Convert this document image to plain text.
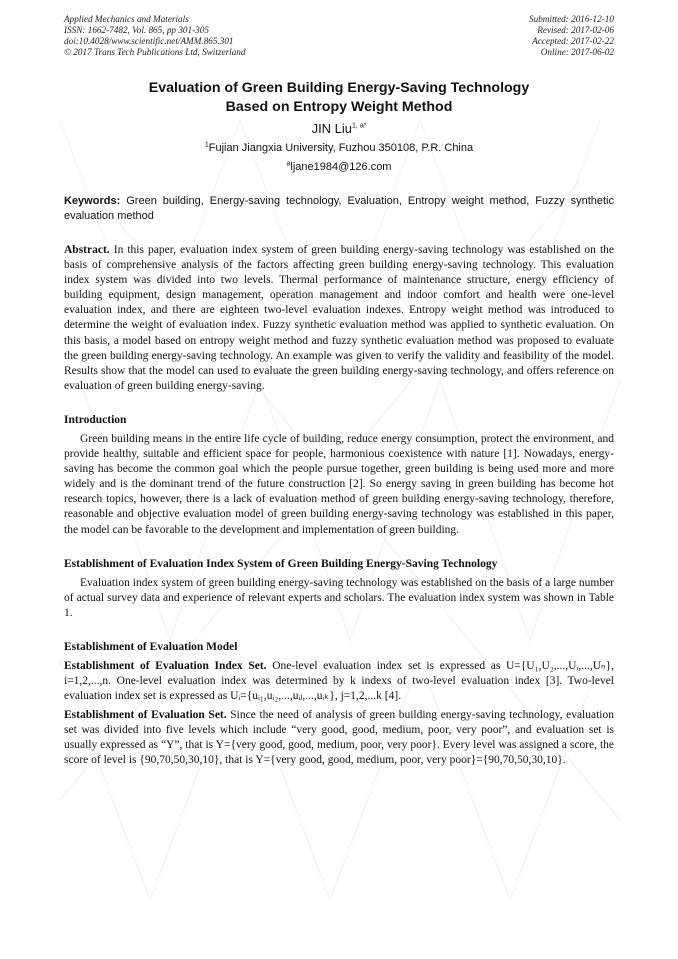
Applied Mechanics and Materials
ISSN: 1662-7482, Vol. 865, pp 301-305
doi:10.4028/www.scientific.net/AMM.865.301
© 2017 Trans Tech Publications Ltd, Switzerland
Submitted: 2016-12-10
Revised: 2017-02-06
Accepted: 2017-02-22
Online: 2017-06-02
Evaluation of Green Building Energy-Saving Technology
Based on Entropy Weight Method
JIN Liu$^{1, a*}$
$^1$Fujian Jiangxia University, Fuzhou 350108, P.R. China
$^a$ljane1984@126.com
Keywords: Green building, Energy-saving technology, Evaluation, Entropy weight method, Fuzzy synthetic evaluation method
Abstract. In this paper, evaluation index system of green building energy-saving technology was established on the basis of comprehensive analysis of the factors affecting green building energy-saving technology. This evaluation index system was divided into two levels. Thermal performance of maintenance structure, energy efficiency of building equipment, design management, operation management and indoor comfort and health were one-level evaluation index, and there are eighteen two-level evaluation indexes. Entropy weight method was introduced to determine the weight of evaluation index. Fuzzy synthetic evaluation method was applied to synthetic evaluation. On this basis, a model based on entropy weight method and fuzzy synthetic evaluation method was proposed to evaluate the green building energy-saving technology. An example was given to verify the validity and feasibility of the model. Results show that the model can used to evaluate the green building energy-saving technology, and offers reference on evaluation of green building energy-saving.
Introduction

Green building means in the entire life cycle of building, reduce energy consumption, protect the environment, and provide healthy, suitable and efficient space for people, harmonious coexistence with nature [1]. Nowadays, energy-saving has become the common goal which the people pursue together, green building is being used more and more widely and is the dominant trend of the future construction [2]. So energy saving in green building has become hot research topics, however, there is a lack of evaluation method of green building energy-saving technology, therefore, reasonable and objective evaluation model of green building energy-saving technology was established in this paper, the model can be favorable to the development and implementation of green building.

Establishment of Evaluation Index System of Green Building Energy-Saving Technology

Evaluation index system of green building energy-saving technology was established on the basis of a large number of actual survey data and experience of relevant experts and scholars. The evaluation index system was shown in Table 1.

Establishment of Evaluation Model

Establishment of Evaluation Index Set. One-level evaluation index set is expressed as U={U₁,U₂,...,Uᵢ,...,Uₙ}, i=1,2,...,n. One-level evaluation index was determined by k indexs of two-level evaluation index [3]. Two-level evaluation index set is expressed as Uᵢ={uᵢ₁,uᵢ₂,...,uᵢⱼ,...,uᵢₖ}, j=1,2,...k [4].

Establishment of Evaluation Set. Since the need of analysis of green building energy-saving technology, evaluation set was divided into five levels which include “very good, good, medium, poor, very poor”, and evaluation set is usually expressed as “Y”, that is Y={very good, good, medium, poor, very poor}. Every level was assigned a score, the score of level is {90,70,50,30,10}, that is Y={very good, good, medium, poor, very poor}={90,70,50,30,10}.
